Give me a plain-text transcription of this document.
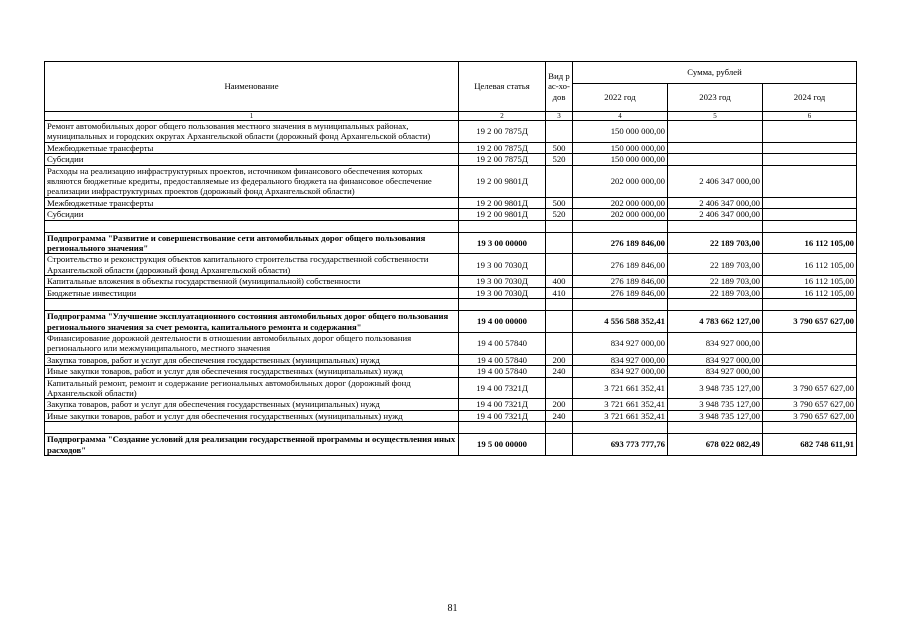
Наименование	Целевая статья	Вид рас-хо-дов	Сумма, рублей		
			2022 год	2023 год	2024 год
1	2	3	4	5	6
Ремонт автомобильных дорог общего пользования местного значения в муниципальных районах, муниципальных и городских округах Архангельской области (дорожный фонд Архангельской области)	19 2 00 7875Д		150 000 000,00		
Межбюджетные трансферты	19 2 00 7875Д	500	150 000 000,00		
Субсидии	19 2 00 7875Д	520	150 000 000,00		
Расходы на реализацию инфраструктурных проектов, источником финансового обеспечения которых являются бюджетные кредиты, предоставляемые из федерального бюджета на финансовое обеспечение реализации инфраструктурных проектов (дорожный фонд Архангельской области)	19 2 00 9801Д		202 000 000,00	2 406 347 000,00	
Межбюджетные трансферты	19 2 00 9801Д	500	202 000 000,00	2 406 347 000,00	
Субсидии	19 2 00 9801Д	520	202 000 000,00	2 406 347 000,00	

Подпрограмма "Развитие и совершенствование сети автомобильных дорог общего пользования регионального значения"	19 3 00 00000		276 189 846,00	22 189 703,00	16 112 105,00
Строительство и реконструкция объектов капитального строительства государственной собственности Архангельской области (дорожный фонд Архангельской области)	19 3 00 7030Д		276 189 846,00	22 189 703,00	16 112 105,00
Капитальные вложения в объекты государственной (муниципальной) собственности	19 3 00 7030Д	400	276 189 846,00	22 189 703,00	16 112 105,00
Бюджетные инвестиции	19 3 00 7030Д	410	276 189 846,00	22 189 703,00	16 112 105,00

Подпрограмма "Улучшение эксплуатационного состояния автомобильных дорог общего пользования регионального значения за счет ремонта, капитального ремонта и содержания"	19 4 00 00000		4 556 588 352,41	4 783 662 127,00	3 790 657 627,00
Финансирование дорожной деятельности в отношении автомобильных дорог общего пользования регионального или межмуниципального, местного значения	19 4 00 57840		834 927 000,00	834 927 000,00	
Закупка товаров, работ и услуг для обеспечения государственных (муниципальных) нужд	19 4 00 57840	200	834 927 000,00	834 927 000,00	
Иные закупки товаров, работ и услуг для обеспечения государственных (муниципальных) нужд	19 4 00 57840	240	834 927 000,00	834 927 000,00	
Капитальный ремонт, ремонт и содержание региональных автомобильных дорог (дорожный фонд Архангельской области)	19 4 00 7321Д		3 721 661 352,41	3 948 735 127,00	3 790 657 627,00
Закупка товаров, работ и услуг для обеспечения государственных (муниципальных) нужд	19 4 00 7321Д	200	3 721 661 352,41	3 948 735 127,00	3 790 657 627,00
Иные закупки товаров, работ и услуг для обеспечения государственных (муниципальных) нужд	19 4 00 7321Д	240	3 721 661 352,41	3 948 735 127,00	3 790 657 627,00

Подпрограмма "Создание условий для реализации государственной программы и осуществления иных расходов"	19 5 00 00000		693 773 777,76	678 022 082,49	682 748 611,91
81
